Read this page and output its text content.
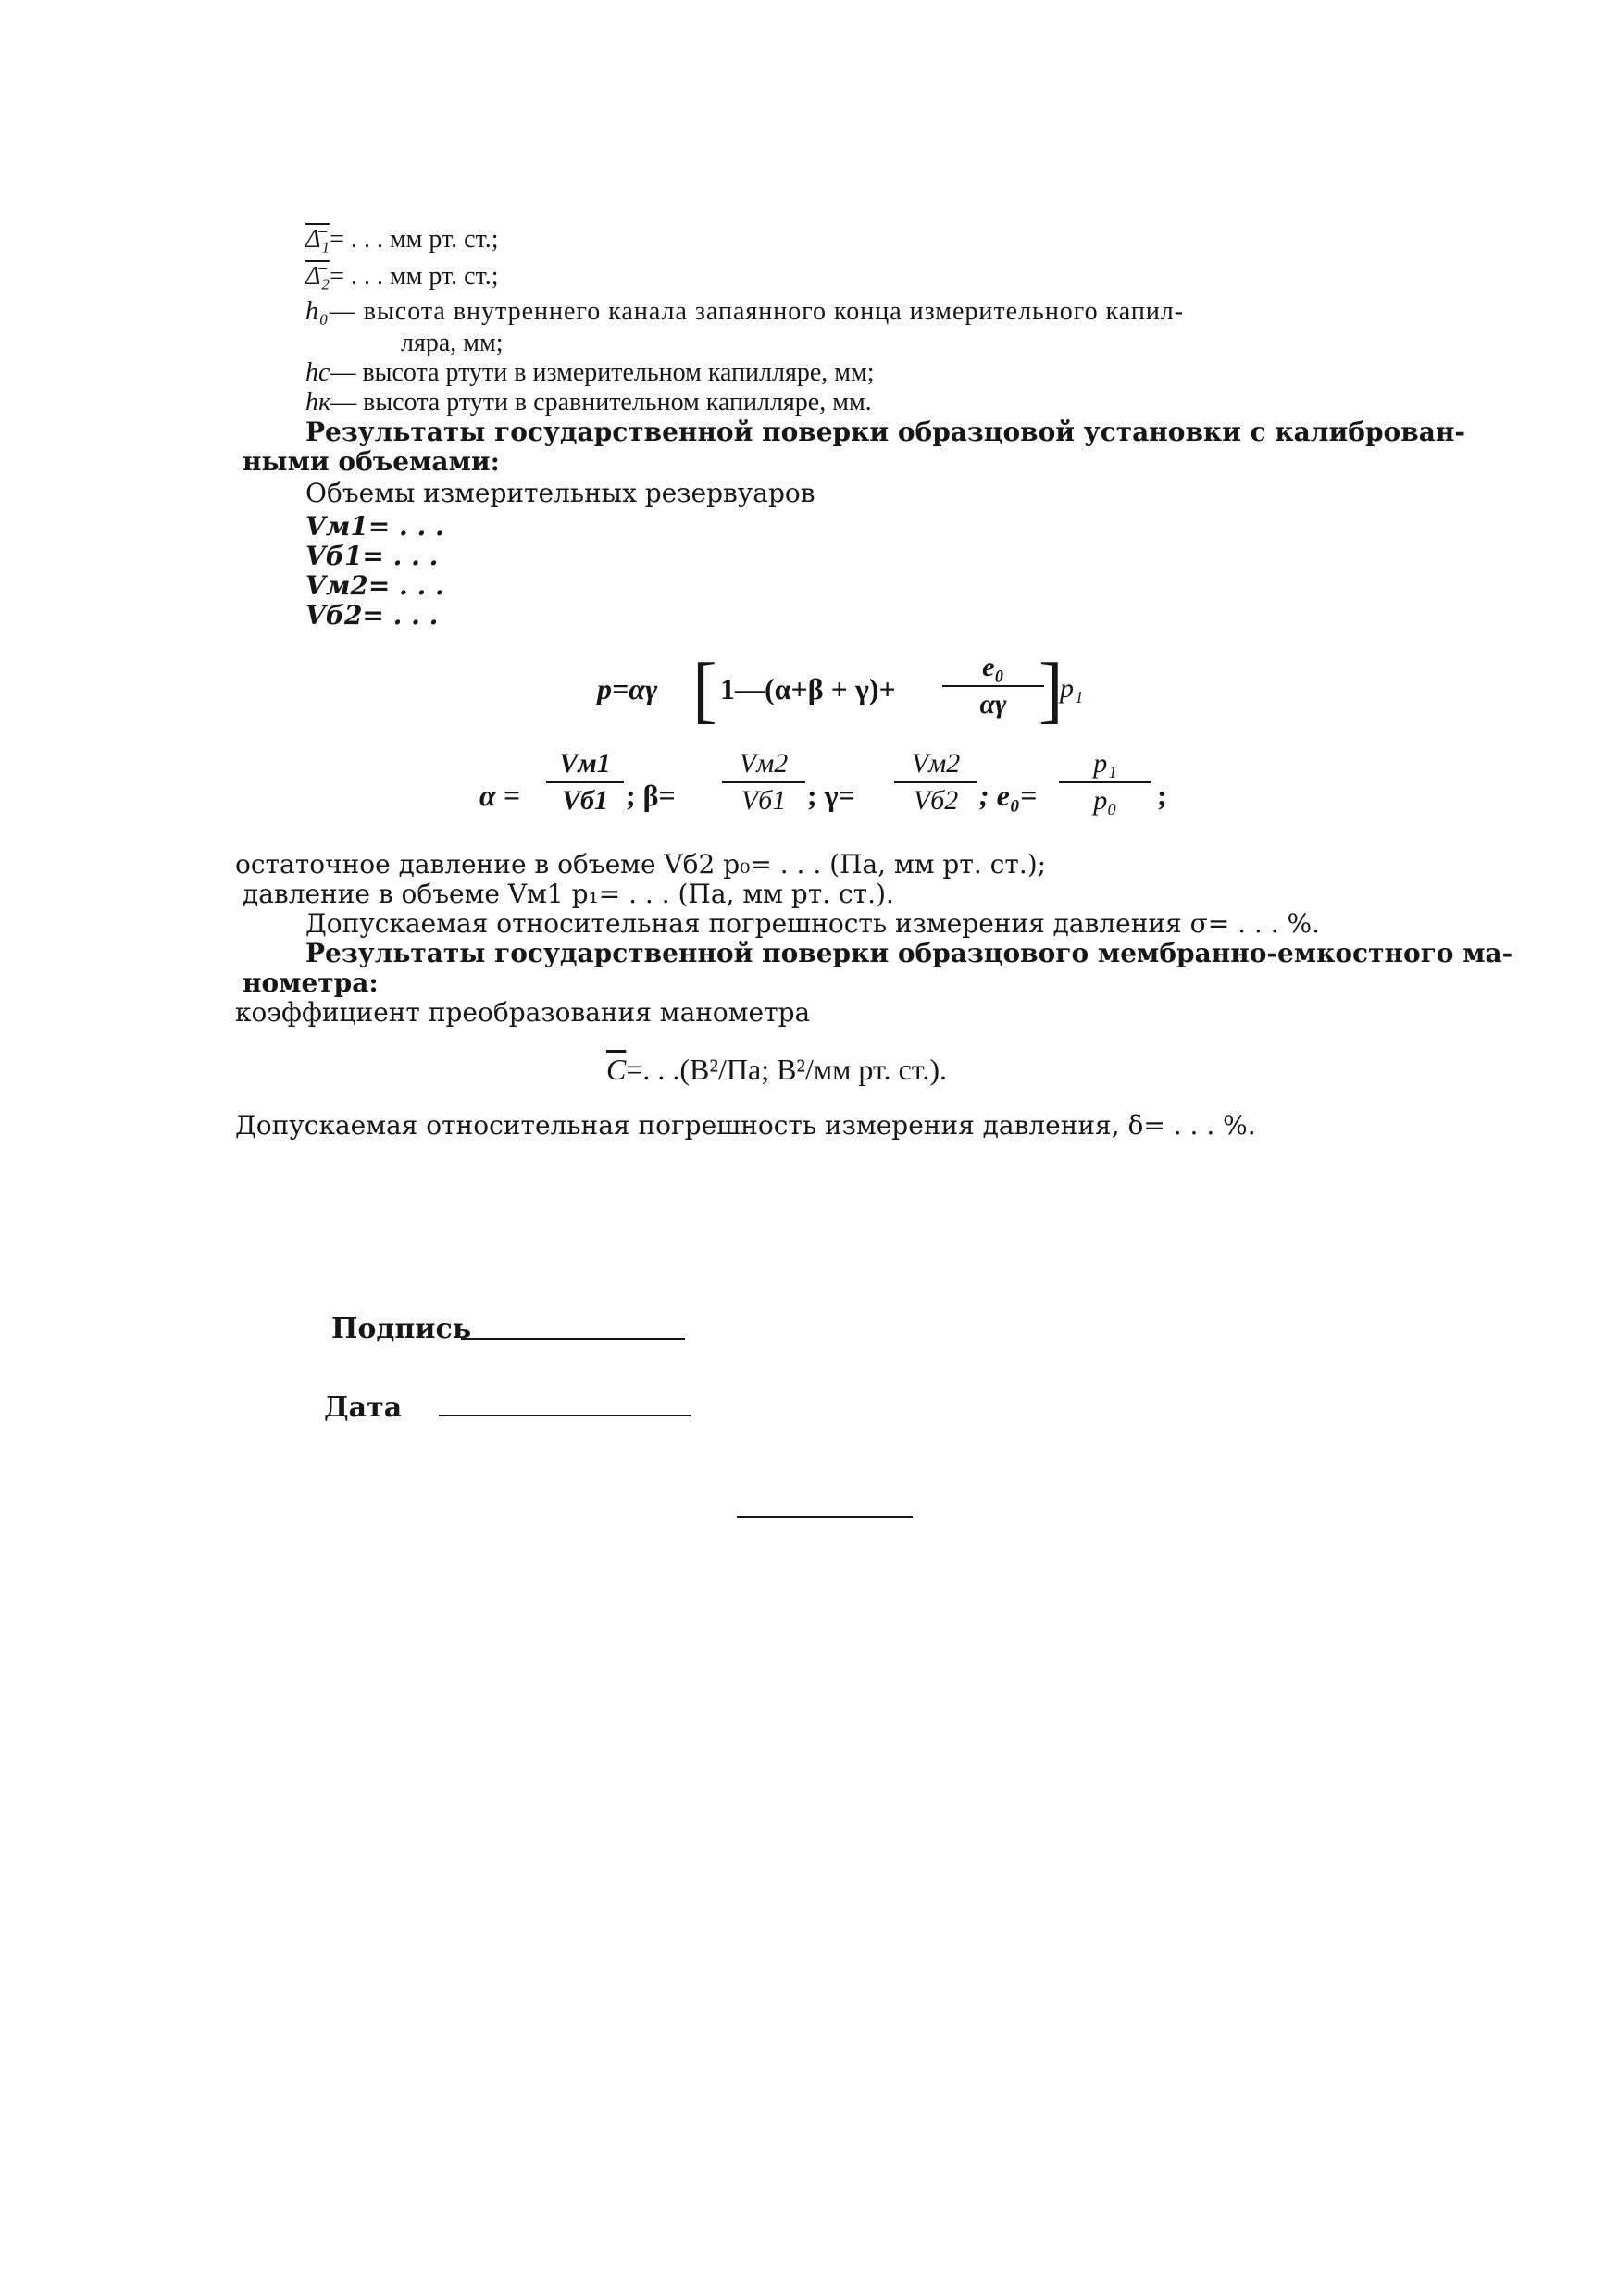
Δ̄₁= . . . мм рт. ст.;
Δ̄₂= . . . мм рт. ст.;
h₀— высота внутреннего канала запаянного конца измерительного капил-
ляра, мм;
hс— высота ртути в измерительном капилляре, мм;
hк— высота ртути в сравнительном капилляре, мм.
Результаты государственной поверки образцовой установки с калиброван-
ными объемами:
Объемы измерительных резервуаров
Vм1= . . .
Vб1= . . .
Vм2= . . .
Vб2= . . .
p=αγ [ 1—(α+β + γ)+
e₀
αγ ]
p₁
α =
Vм1
Vб1 ; β=
Vм2
Vб1 ; γ=
Vм2
Vб2 ; e₀=
p₁
p₀	;
остаточное давление в объеме Vб2 p₀= . . . (Па, мм рт. ст.);
давление в объеме Vм1 p₁= . . . (Па, мм рт. ст.).
Допускаемая относительная погрешность измерения давления σ= . . . %.
Результаты государственной поверки образцового мембранно-емкостного ма-
нометра:
коэффициент преобразования манометра
$\overline{C}=$. . .(В²/Па; В²/мм рт. ст.).
Допускаемая относительная погрешность измерения давления, δ= . . . %.
Подпись
Дата
